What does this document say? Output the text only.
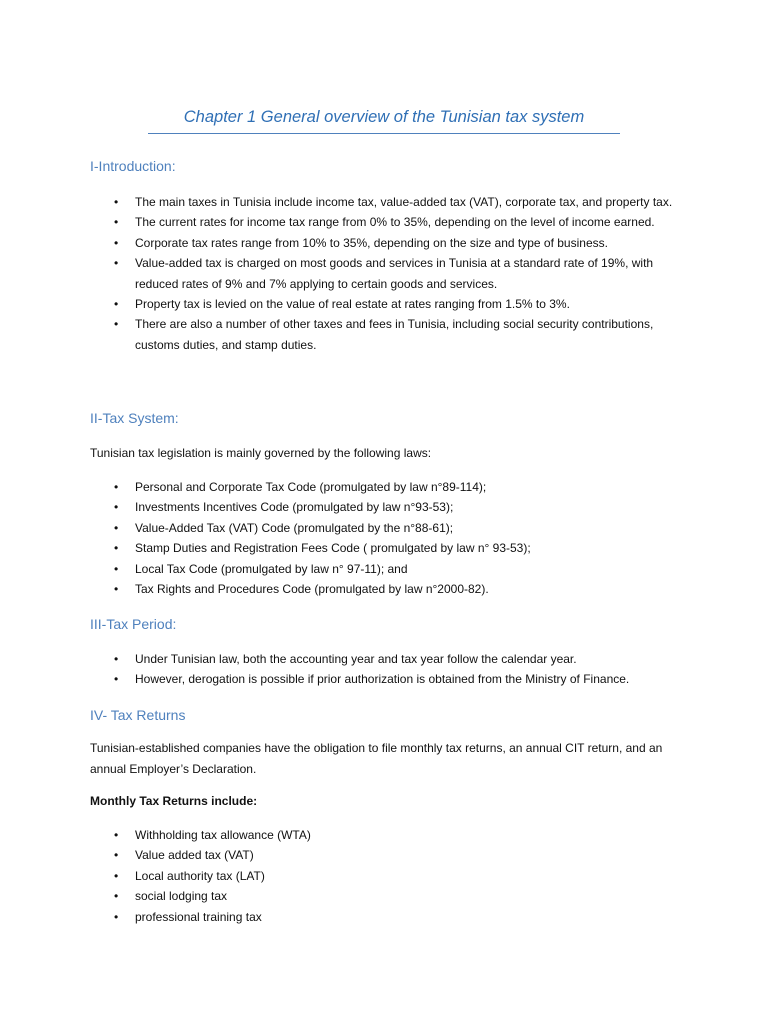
Chapter 1 General overview of the Tunisian tax system
I-Introduction:
• The main taxes in Tunisia include income tax, value-added tax (VAT), corporate tax, and property tax.
• The current rates for income tax range from 0% to 35%, depending on the level of income earned.
• Corporate tax rates range from 10% to 35%, depending on the size and type of business.
• Value-added tax is charged on most goods and services in Tunisia at a standard rate of 19%, with reduced rates of 9% and 7% applying to certain goods and services.
• Property tax is levied on the value of real estate at rates ranging from 1.5% to 3%.
• There are also a number of other taxes and fees in Tunisia, including social security contributions, customs duties, and stamp duties.
II-Tax System:
Tunisian tax legislation is mainly governed by the following laws:
• Personal and Corporate Tax Code (promulgated by law n°89-114);
• Investments Incentives Code (promulgated by law n°93-53);
• Value-Added Tax (VAT) Code (promulgated by the n°88-61);
• Stamp Duties and Registration Fees Code ( promulgated by law n° 93-53);
• Local Tax Code (promulgated by law n° 97-11); and
• Tax Rights and Procedures Code (promulgated by law n°2000-82).
III-Tax Period:
• Under Tunisian law, both the accounting year and tax year follow the calendar year.
• However, derogation is possible if prior authorization is obtained from the Ministry of Finance.
IV- Tax Returns
Tunisian-established companies have the obligation to file monthly tax returns, an annual CIT return, and an annual Employer’s Declaration.
Monthly Tax Returns include:
• Withholding tax allowance (WTA)
• Value added tax (VAT)
• Local authority tax (LAT)
• social lodging tax
• professional training tax
